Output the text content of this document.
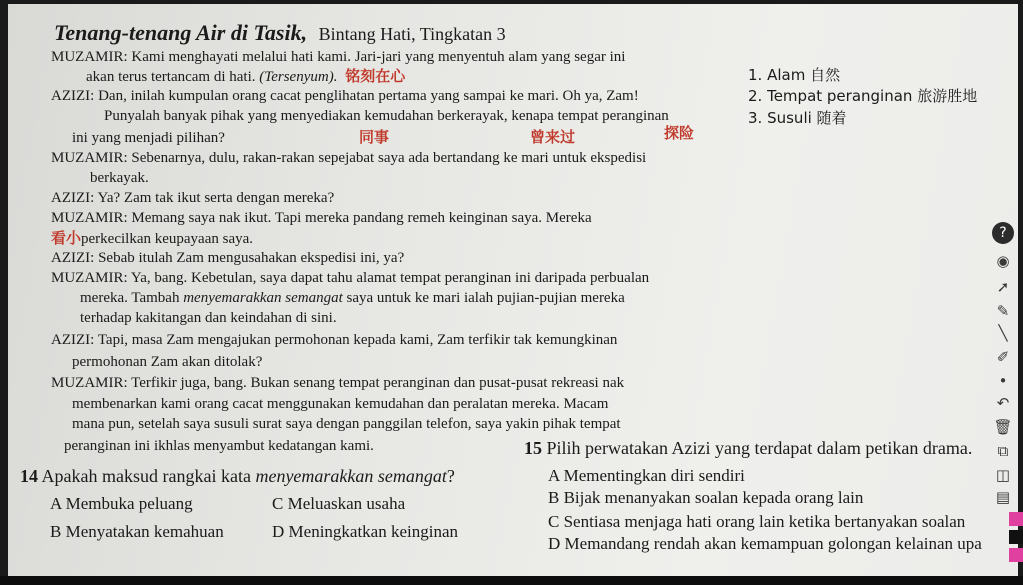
Tenang-tenang Air di Tasik, Bintang Hati, Tingkatan 3
MUZAMIR: Kami menghayati melalui hati kami. Jari-jari yang menyentuh alam yang segar ini
akan terus tertancam di hati. (Tersenyum). 铭刻在心
AZIZI: Dan, inilah kumpulan orang cacat penglihatan pertama yang sampai ke mari. Oh ya, Zam!
Punyalah banyak pihak yang menyediakan kemudahan berkerayak, kenapa tempat peranginan
ini yang menjadi pilihan?	同事	曾来过	探险
MUZAMIR: Sebenarnya, dulu, rakan-rakan sepejabat saya ada bertandang ke mari untuk ekspedisi
berkayak.
AZIZI: Ya? Zam tak ikut serta dengan mereka?
MUZAMIR: Memang saya nak ikut. Tapi mereka pandang remeh keinginan saya. Mereka
看小perkecilkan keupayaan saya.
AZIZI: Sebab itulah Zam mengusahakan ekspedisi ini, ya?
MUZAMIR: Ya, bang. Kebetulan, saya dapat tahu alamat tempat peranginan ini daripada perbualan
mereka. Tambah menyemarakkan semangat saya untuk ke mari ialah pujian-pujian mereka
terhadap kakitangan dan keindahan di sini.
AZIZI: Tapi, masa Zam mengajukan permohonan kepada kami, Zam terfikir tak kemungkinan
permohonan Zam akan ditolak?
MUZAMIR: Terfikir juga, bang. Bukan senang tempat peranginan dan pusat-pusat rekreasi nak
membenarkan kami orang cacat menggunakan kemudahan dan peralatan mereka. Macam
mana pun, setelah saya susuli surat saya dengan panggilan telefon, saya yakin pihak tempat
peranginan ini ikhlas menyambut kedatangan kami.
1. Alam 自然
2. Tempat peranginan 旅游胜地
3. Susuli 随着
14 Apakah maksud rangkai kata menyemarakkan semangat?
A Membuka peluang	C Meluaskan usaha
B Menyatakan kemahuan	D Meningkatkan keinginan
15 Pilih perwatakan Azizi yang terdapat dalam petikan drama.
A Mementingkan diri sendiri
B Bijak menanyakan soalan kepada orang lain
C Sentiasa menjaga hati orang lain ketika bertanyakan soalan
D Memandang rendah akan kemampuan golongan kelainan upa
?
◉
➚
✎
╲
✐
•
↶
🗑
⧉
◫
▤
